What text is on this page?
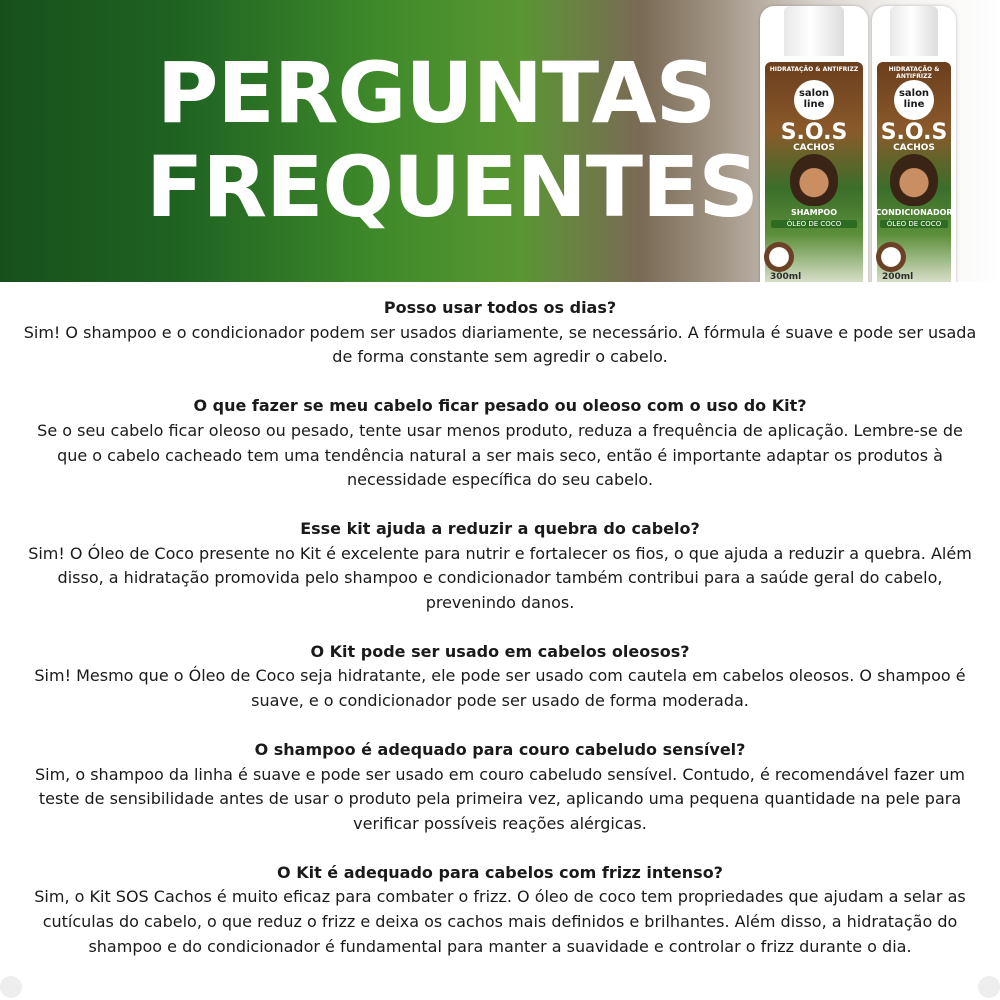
PERGUNTAS
FREQUENTES
HIDRATAÇÃO & ANTIFRIZZ
salon
line
S.O.S
CACHOS
SHAMPOO
ÓLEO DE COCO
300ml
HIDRATAÇÃO & ANTIFRIZZ
salon
line
S.O.S
CACHOS
CONDICIONADOR
ÓLEO DE COCO
200ml
Posso usar todos os dias?
Sim! O shampoo e o condicionador podem ser usados diariamente, se necessário. A fórmula é suave e pode ser usada de forma constante sem agredir o cabelo.
O que fazer se meu cabelo ficar pesado ou oleoso com o uso do Kit?
Se o seu cabelo ficar oleoso ou pesado, tente usar menos produto, reduza a frequência de aplicação. Lembre-se de que o cabelo cacheado tem uma tendência natural a ser mais seco, então é importante adaptar os produtos à necessidade específica do seu cabelo.
Esse kit ajuda a reduzir a quebra do cabelo?
Sim! O Óleo de Coco presente no Kit é excelente para nutrir e fortalecer os fios, o que ajuda a reduzir a quebra. Além disso, a hidratação promovida pelo shampoo e condicionador também contribui para a saúde geral do cabelo, prevenindo danos.
O Kit pode ser usado em cabelos oleosos?
Sim! Mesmo que o Óleo de Coco seja hidratante, ele pode ser usado com cautela em cabelos oleosos. O shampoo é suave, e o condicionador pode ser usado de forma moderada.
O shampoo é adequado para couro cabeludo sensível?
Sim, o shampoo da linha é suave e pode ser usado em couro cabeludo sensível. Contudo, é recomendável fazer um teste de sensibilidade antes de usar o produto pela primeira vez, aplicando uma pequena quantidade na pele para verificar possíveis reações alérgicas.
O Kit é adequado para cabelos com frizz intenso?
Sim, o Kit SOS Cachos é muito eficaz para combater o frizz. O óleo de coco tem propriedades que ajudam a selar as cutículas do cabelo, o que reduz o frizz e deixa os cachos mais definidos e brilhantes. Além disso, a hidratação do shampoo e do condicionador é fundamental para manter a suavidade e controlar o frizz durante o dia.
